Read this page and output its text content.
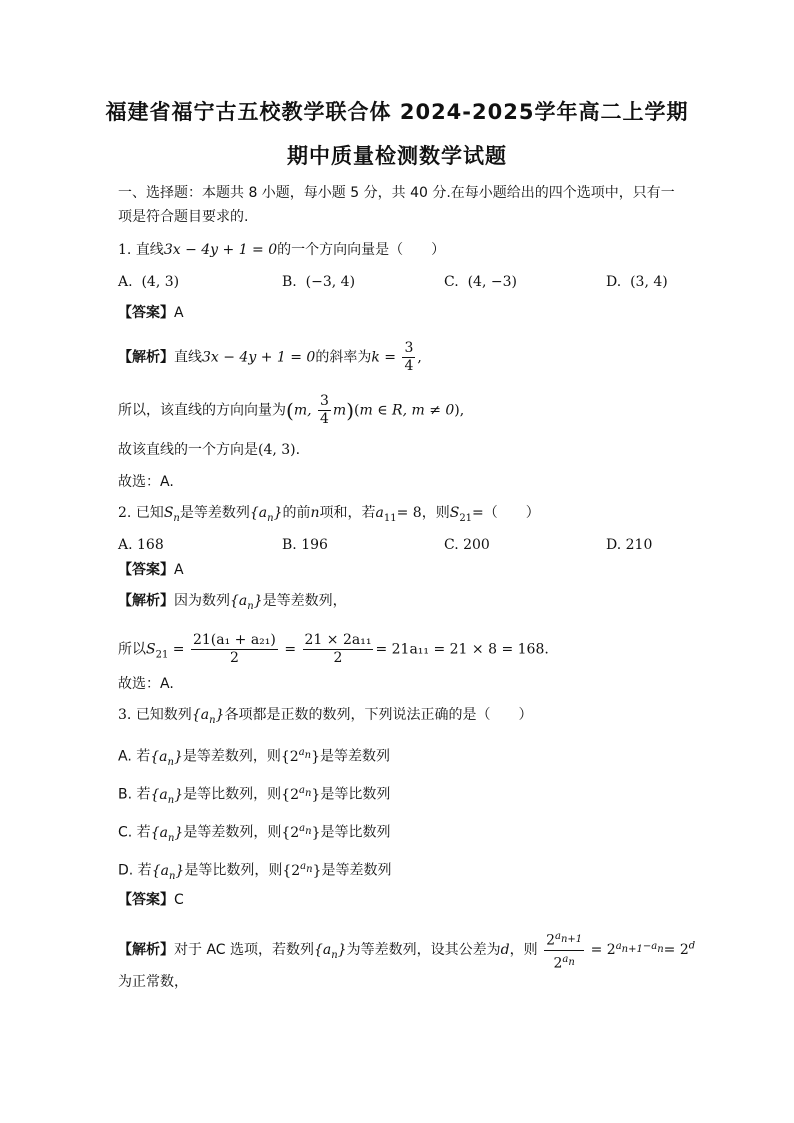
福建省福宁古五校教学联合体 2024-2025学年高二上学期
期中质量检测数学试题
一、选择题：本题共 8 小题，每小题 5 分，共 40 分.在每小题给出的四个选项中，只有一
项是符合题目要求的.
1. 直线3x − 4y + 1 = 0的一个方向向量是（　　）
A. (4, 3)	B. (−3, 4)	C. (4, −3)	D. (3, 4)
【答案】A
【解析】直线3x − 4y + 1 = 0的斜率为$k = \frac{3}{4}$ ,
所以，该直线的方向向量为(m, $\frac{3}{4} m)(m$ ∈ R, m ≠ 0),
故该直线的一个方向是(4, 3).
故选：A.
2. 已知$S_n$是等差数列$\{a_n\}$的前n项和，若$a_{11}= 8$，则$S_{21}=$（　　）
A. 168	B. 196	C. 200	D. 210
【答案】A
【解析】因为数列$\{a_n\}$是等差数列，
所以$S_{21} = \frac{\text{21(a₁ + a₂₁)}}{2} = \frac{\text{21 × 2a₁₁}}{2} = 21a_{11} = 21 \times 8 = 168$.
故选：A.
3. 已知数列$\{a_n\}$各项都是正数的数列，下列说法正确的是（　　）
A. 若$\{a_n\}$是等差数列，则$\{2^{a_n}\}$是等差数列
B. 若$\{a_n\}$是等比数列，则$\{2^{a_n}\}$是等比数列
C. 若$\{a_n\}$是等差数列，则$\{2^{a_n}\}$是等比数列
D. 若$\{a_n\}$是等比数列，则$\{2^{a_n}\}$是等差数列
【答案】C
【解析】对于 AC 选项，若数列$\{a_n\}$为等差数列，设其公差为d，则 $\frac{2^{a_{n+1}}}{2^{a_n}} = 2^{a_{n+1}-a_n}= 2^d$
为正常数，
